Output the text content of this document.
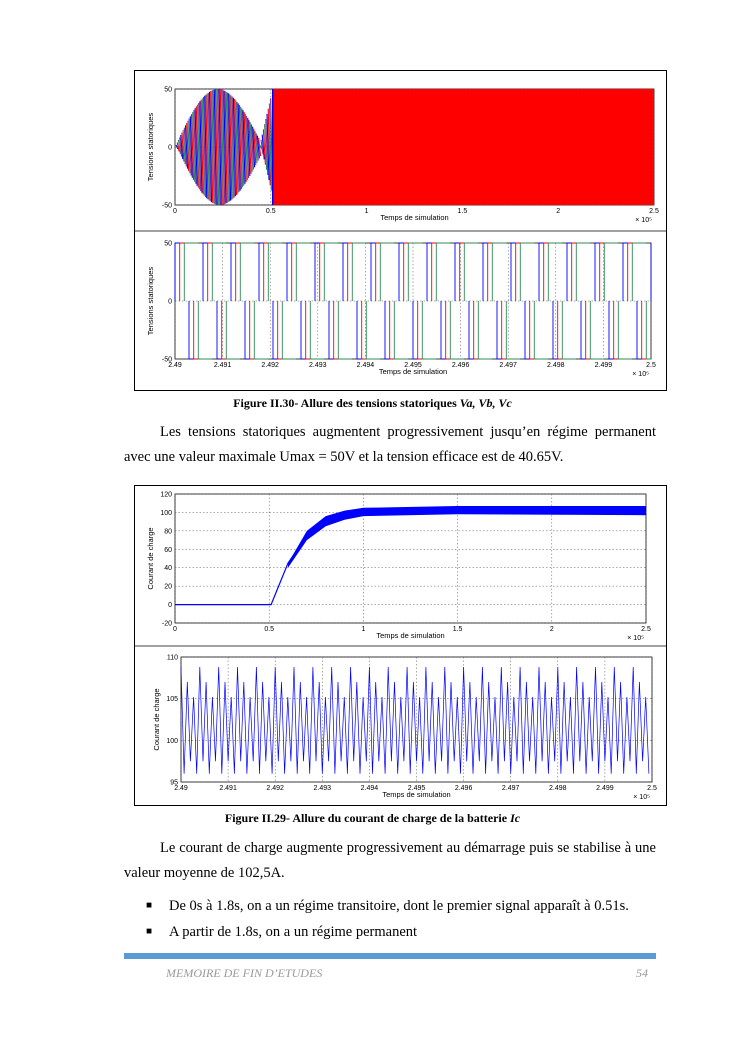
0	0.5	1	1.5	2	2.5
-50
0
50
Temps de simulation
Tensions statoriques
× 10⁵
2.49	2.491	2.492	2.493	2.494	2.495	2.496	2.497	2.498	2.499	2.5
-50
0
50
Temps de simulation
Tensions statoriques
× 10⁵
Figure II.30- Allure des tensions statoriques Va, Vb, Vc
Les tensions statoriques augmentent progressivement jusqu’en régime permanent avec une valeur maximale Umax = 50V et la tension efficace est de 40.65V.
0	0.5	1	1.5	2	2.5
-20
0
20
40
60
80
100
120
Temps de simulation
Courant de charge
× 10⁵
2.49	2.491	2.492	2.493	2.494	2.495	2.496	2.497	2.498	2.499	2.5
95
100
105
110
Temps de simulation
Courant de charge
× 10⁵
Figure II.29- Allure du courant de charge de la batterie Ic
Le courant de charge augmente progressivement au démarrage puis se stabilise à une valeur moyenne de 102,5A.
■ De 0s à 1.8s, on a un régime transitoire, dont le premier signal apparaît à 0.51s.
■ A partir de 1.8s, on a un régime permanent
MEMOIRE DE FIN D’ETUDES	54
